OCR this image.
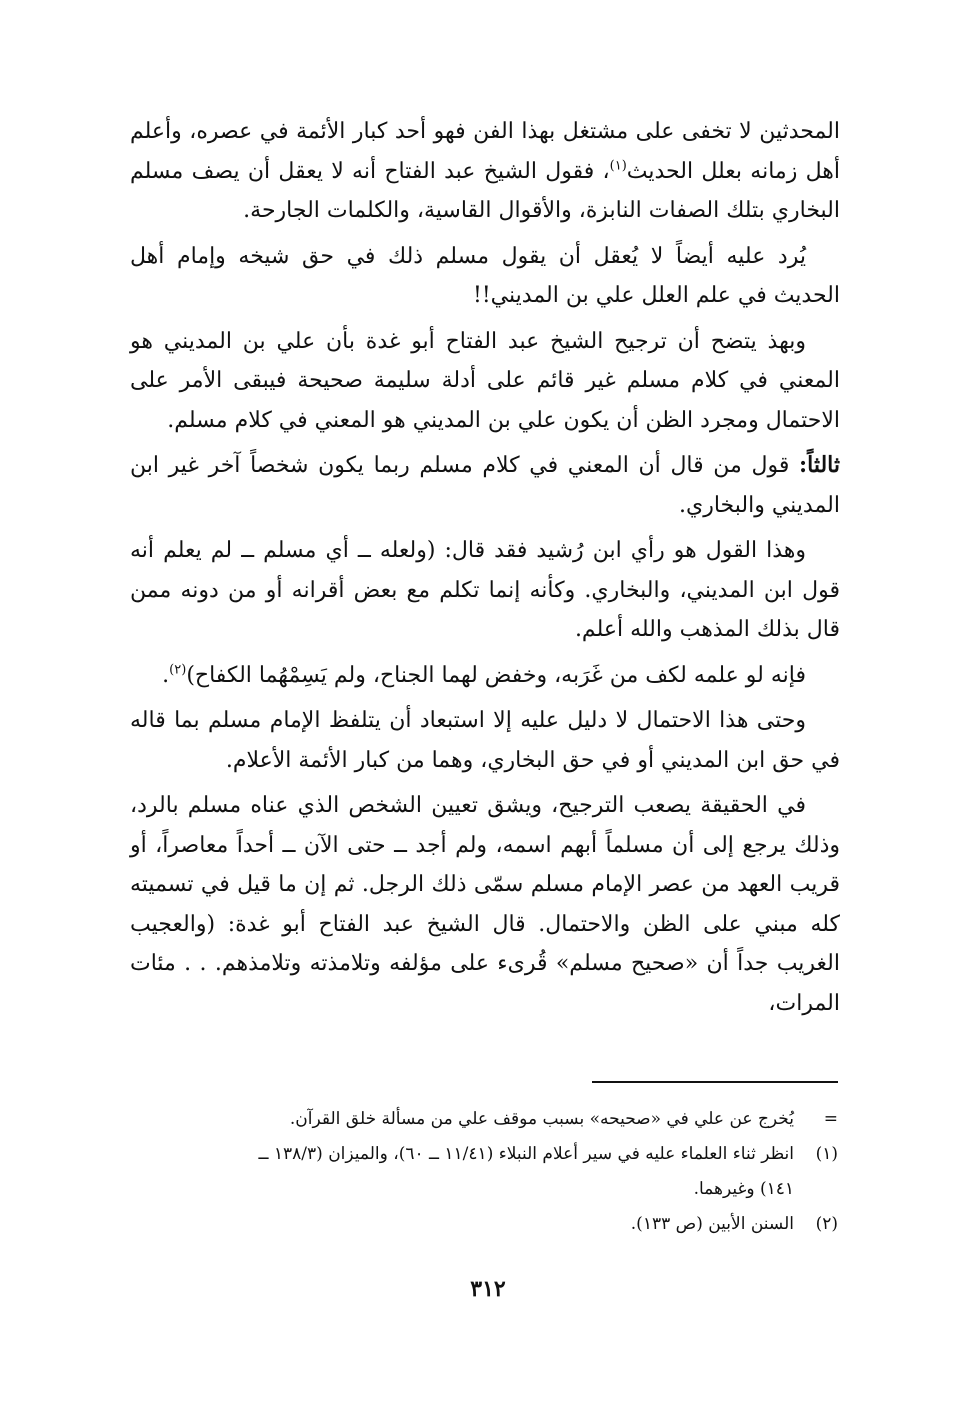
المحدثين لا تخفى على مشتغل بهذا الفن فهو أحد كبار الأئمة في عصره، وأعلم أهل زمانه بعلل الحديث$^{(١)}$، فقول الشيخ عبد الفتاح أنه لا يعقل أن يصف مسلم البخاري بتلك الصفات النابزة، والأقوال القاسية، والكلمات الجارحة.

يُرد عليه أيضاً لا يُعقل أن يقول مسلم ذلك في حق شيخه وإمام أهل الحديث في علم العلل علي بن المديني!!

وبهذ يتضح أن ترجيح الشيخ عبد الفتاح أبو غدة بأن علي بن المديني هو المعني في كلام مسلم غير قائم على أدلة سليمة صحيحة فيبقى الأمر على الاحتمال ومجرد الظن أن يكون علي بن المديني هو المعني في كلام مسلم.

ثالثاً: قول من قال أن المعني في كلام مسلم ربما يكون شخصاً آخر غير ابن المديني والبخاري.

وهذا القول هو رأي ابن رُشيد فقد قال: (ولعله ــ أي مسلم ــ لم يعلم أنه قول ابن المديني، والبخاري. وكأنه إنما تكلم مع بعض أقرانه أو من دونه ممن قال بذلك المذهب والله أعلم.

فإنه لو علمه لكف من غَرَبه، وخفض لهما الجناح، ولم يَسِمْهُما الكفاح)$^{(٢)}$.

وحتى هذا الاحتمال لا دليل عليه إلا استبعاد أن يتلفظ الإمام مسلم بما قاله في حق ابن المديني أو في حق البخاري، وهما من كبار الأئمة الأعلام.

في الحقيقة يصعب الترجيح، ويشق تعيين الشخص الذي عناه مسلم بالرد، وذلك يرجع إلى أن مسلماً أبهم اسمه، ولم أجد ــ حتى الآن ــ أحداً معاصراً، أو قريب العهد من عصر الإمام مسلم سمّى ذلك الرجل. ثم إن ما قيل في تسميته كله مبني على الظن والاحتمال. قال الشيخ عبد الفتاح أبو غدة: (والعجيب الغريب جداً أن «صحيح مسلم» قُرىء على مؤلفه وتلامذته وتلامذهم. . . مئات المرات،

=
يُخرج عن علي في «صحيحه» بسبب موقف علي من مسألة خلق القرآن.
(١)
انظر ثناء العلماء عليه في سير أعلام النبلاء (١١/٤١ ــ ٦٠)، والميزان (١٣٨/٣ ــ
١٤١) وغيرهما.
(٢)
السنن الأبين (ص ١٣٣).
٣١٢
